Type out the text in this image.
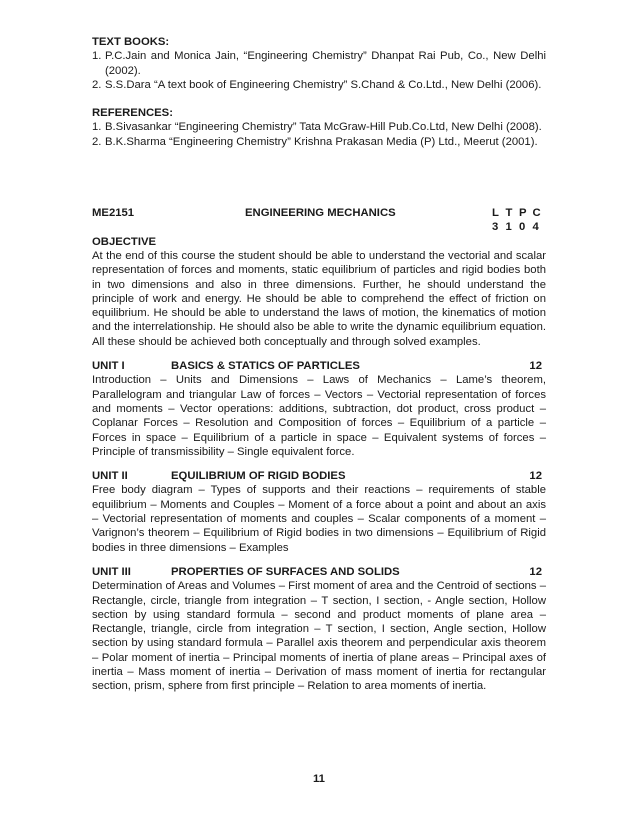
TEXT BOOKS:

1. P.C.Jain and Monica Jain, “Engineering Chemistry” Dhanpat Rai Pub, Co., New Delhi (2002).
2. S.S.Dara “A text book of Engineering Chemistry” S.Chand & Co.Ltd., New Delhi (2006).

REFERENCES:

1. B.Sivasankar “Engineering Chemistry” Tata McGraw-Hill Pub.Co.Ltd, New Delhi (2008).
2. B.K.Sharma “Engineering Chemistry” Krishna Prakasan Media (P) Ltd., Meerut (2001).
ME2151	ENGINEERING MECHANICS	L T P C
3 1 0 4

OBJECTIVE

At the end of this course the student should be able to understand the vectorial and scalar representation of forces and moments, static equilibrium of particles and rigid bodies both in two dimensions and also in three dimensions. Further, he should understand the principle of work and energy. He should be able to comprehend the effect of friction on equilibrium. He should be able to understand the laws of motion, the kinematics of motion and the interrelationship. He should also be able to write the dynamic equilibrium equation. All these should be achieved both conceptually and through solved examples.

UNIT I	BASICS & STATICS OF PARTICLES	12

Introduction – Units and Dimensions – Laws of Mechanics – Lame’s theorem, Parallelogram and triangular Law of forces – Vectors – Vectorial representation of forces and moments – Vector operations: additions, subtraction, dot product, cross product – Coplanar Forces – Resolution and Composition of forces – Equilibrium of a particle – Forces in space – Equilibrium of a particle in space – Equivalent systems of forces – Principle of transmissibility – Single equivalent force.

UNIT II	EQUILIBRIUM OF RIGID BODIES	12

Free body diagram – Types of supports and their reactions – requirements of stable equilibrium – Moments and Couples – Moment of a force about a point and about an axis – Vectorial representation of moments and couples – Scalar components of a moment – Varignon’s theorem – Equilibrium of Rigid bodies in two dimensions – Equilibrium of Rigid bodies in three dimensions – Examples

UNIT III	PROPERTIES OF SURFACES AND SOLIDS	12

Determination of Areas and Volumes – First moment of area and the Centroid of sections – Rectangle, circle, triangle from integration – T section, I section, - Angle section, Hollow section by using standard formula – second and product moments of plane area – Rectangle, triangle, circle from integration – T section, I section, Angle section, Hollow section by using standard formula – Parallel axis theorem and perpendicular axis theorem – Polar moment of inertia – Principal moments of inertia of plane areas – Principal axes of inertia – Mass moment of inertia – Derivation of mass moment of inertia for rectangular section, prism, sphere from first principle – Relation to area moments of inertia.

11
